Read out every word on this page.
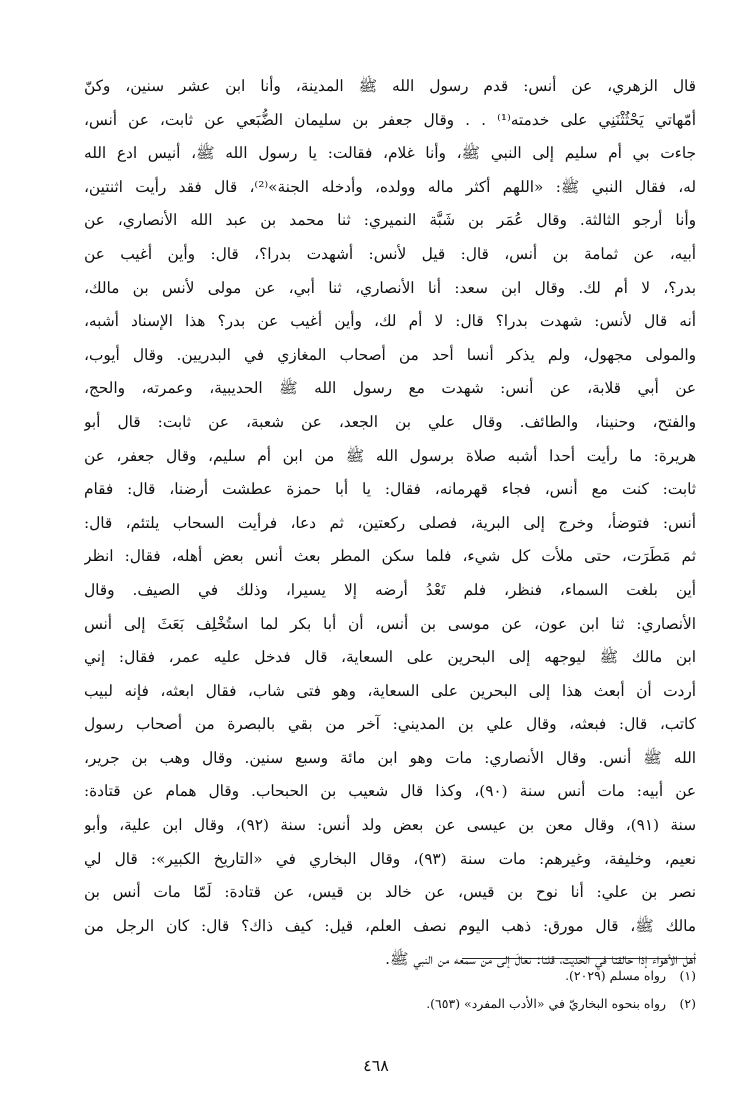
قال الزهري، عن أنس: قدم رسول الله ﷺ المدينة، وأنا ابن عشر سنين، وكنّ
أمّهاتي يَحْثُثْنَنِي على خدمته⁽¹⁾ . . وقال جعفر بن سليمان الضُّبَعي عن ثابت، عن أنس،
جاءت بي أم سليم إلى النبي ﷺ، وأنا غلام، فقالت: يا رسول الله ﷺ، أنيس ادع الله
له، فقال النبي ﷺ: «اللهم أكثر ماله وولده، وأدخله الجنة»⁽²⁾، قال فقد رأيت اثنتين،
وأنا أرجو الثالثة. وقال عُمَر بن شَبَّة النميري: ثنا محمد بن عبد الله الأنصاري، عن
أبيه، عن ثمامة بن أنس، قال: قيل لأنس: أشهدت بدرا؟، قال: وأين أغيب عن
بدر؟، لا أم لك. وقال ابن سعد: أنا الأنصاري، ثنا أبي، عن مولى لأنس بن مالك،
أنه قال لأنس: شهدت بدرا؟ قال: لا أم لك، وأين أغيب عن بدر؟ هذا الإسناد أشبه،
والمولى مجهول، ولم يذكر أنسا أحد من أصحاب المغازي في البدريين. وقال أيوب،
عن أبي قلابة، عن أنس: شهدت مع رسول الله ﷺ الحديبية، وعمرته، والحج،
والفتح، وحنينا، والطائف. وقال علي بن الجعد، عن شعبة، عن ثابت: قال أبو
هريرة: ما رأيت أحدا أشبه صلاة برسول الله ﷺ من ابن أم سليم، وقال جعفر، عن
ثابت: كنت مع أنس، فجاء قهرمانه، فقال: يا أبا حمزة عطشت أرضنا، قال: فقام
أنس: فتوضأ، وخرج إلى البرية، فصلى ركعتين، ثم دعا، فرأيت السحاب يلتئم، قال:
ثم مَطَرَت، حتى ملأت كل شيء، فلما سكن المطر بعث أنس بعض أهله، فقال: انظر
أين بلغت السماء، فنظر، فلم تَعْدُ أرضه إلا يسيرا، وذلك في الصيف. وقال
الأنصاري: ثنا ابن عون، عن موسى بن أنس، أن أبا بكر لما استُخْلِف بَعَثَ إلى أنس
ابن مالك ﷺ ليوجهه إلى البحرين على السعاية، قال فدخل عليه عمر، فقال: إني
أردت أن أبعث هذا إلى البحرين على السعاية، وهو فتى شاب، فقال ابعثه، فإنه لبيب
كاتب، قال: فبعثه، وقال علي بن المديني: آخر من بقي بالبصرة من أصحاب رسول
الله ﷺ أنس. وقال الأنصاري: مات وهو ابن مائة وسبع سنين. وقال وهب بن جرير،
عن أبيه: مات أنس سنة (٩٠)، وكذا قال شعيب بن الحبحاب. وقال همام عن قتادة:
سنة (٩١)، وقال معن بن عيسى عن بعض ولد أنس: سنة (٩٢)، وقال ابن علية، وأبو
نعيم، وخليفة، وغيرهم: مات سنة (٩٣)، وقال البخاري في «التاريخ الكبير»: قال لي
نصر بن علي: أنا نوح بن قيس، عن خالد بن قيس، عن قتادة: لَمّا مات أنس بن
مالك ﷺ، قال مورق: ذهب اليوم نصف العلم، قيل: كيف ذاك؟ قال: كان الرجل من
أهل الأهواء إذا خالفنا في الحديث، قلنا: تعالَ إلى من سمعه من النبي ﷺ.
(١) رواه مسلم (٢٠٢٩).
(٢) رواه بنحوه البخاريّ في «الأدب المفرد» (٦٥٣).
٤٦٨
